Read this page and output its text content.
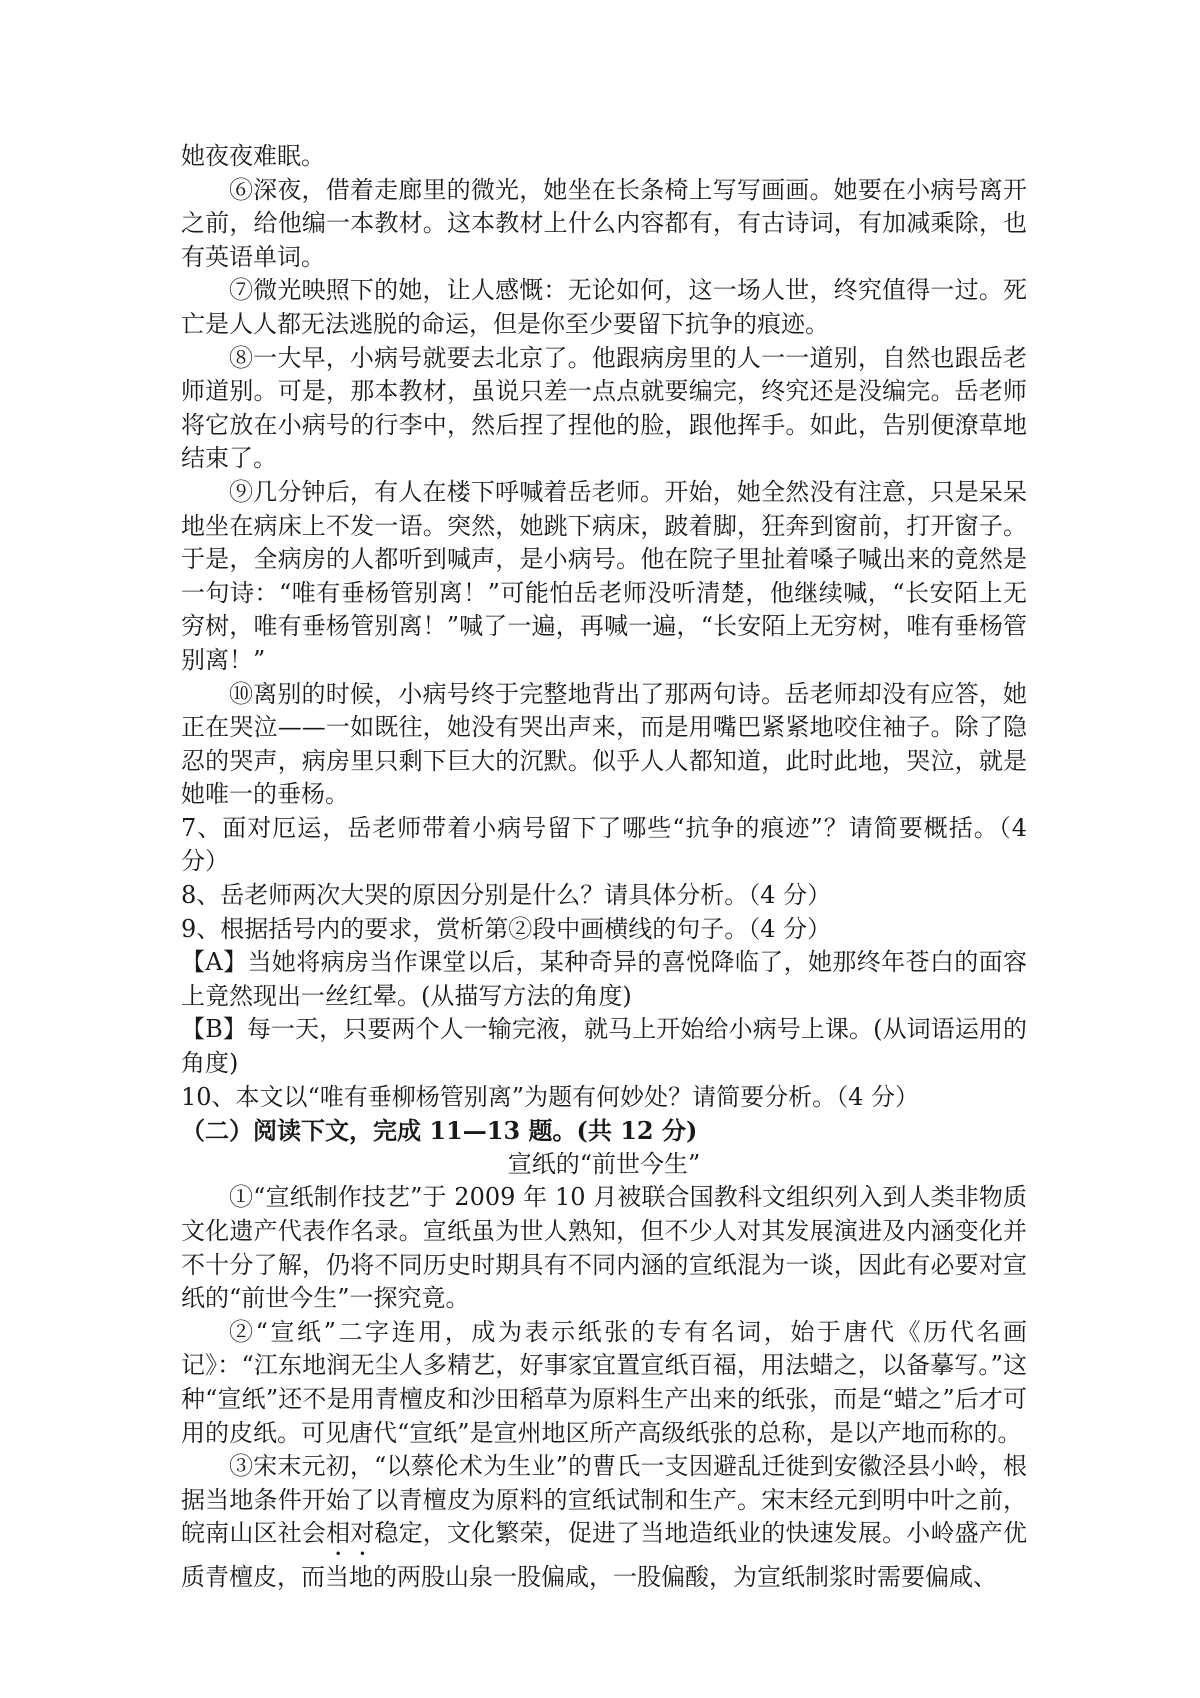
她夜夜难眠。

⑥深夜，借着走廊里的微光，她坐在长条椅上写写画画。她要在小病号离开之前，给他编一本教材。这本教材上什么内容都有，有古诗词，有加减乘除，也有英语单词。

⑦微光映照下的她，让人感慨：无论如何，这一场人世，终究值得一过。死亡是人人都无法逃脱的命运，但是你至少要留下抗争的痕迹。

⑧一大早，小病号就要去北京了。他跟病房里的人一一道别，自然也跟岳老师道别。可是，那本教材，虽说只差一点点就要编完，终究还是没编完。岳老师将它放在小病号的行李中，然后捏了捏他的脸，跟他挥手。如此，告别便潦草地结束了。

⑨几分钟后，有人在楼下呼喊着岳老师。开始，她全然没有注意，只是呆呆地坐在病床上不发一语。突然，她跳下病床，跛着脚，狂奔到窗前，打开窗子。于是，全病房的人都听到喊声，是小病号。他在院子里扯着嗓子喊出来的竟然是一句诗：“唯有垂杨管别离！”可能怕岳老师没听清楚，他继续喊，“长安陌上无穷树，唯有垂杨管别离！”喊了一遍，再喊一遍，“长安陌上无穷树，唯有垂杨管别离！”

⑩离别的时候，小病号终于完整地背出了那两句诗。岳老师却没有应答，她正在哭泣——一如既往，她没有哭出声来，而是用嘴巴紧紧地咬住袖子。除了隐忍的哭声，病房里只剩下巨大的沉默。似乎人人都知道，此时此地，哭泣，就是她唯一的垂杨。

7、面对厄运，岳老师带着小病号留下了哪些“抗争的痕迹”？请简要概括。（4分）

8、岳老师两次大哭的原因分别是什么？请具体分析。（4 分）

9、根据括号内的要求，赏析第②段中画横线的句子。（4 分）

【A】当她将病房当作课堂以后，某种奇异的喜悦降临了，她那终年苍白的面容上竟然现出一丝红晕。(从描写方法的角度)

【B】每一天，只要两个人一输完液，就马上开始给小病号上课。(从词语运用的角度)

10、本文以“唯有垂柳杨管别离”为题有何妙处？请简要分析。（4 分）

（二）阅读下文，完成 11—13 题。(共 12 分)

宣纸的“前世今生”

①“宣纸制作技艺”于 2009 年 10 月被联合国教科文组织列入到人类非物质文化遗产代表作名录。宣纸虽为世人熟知，但不少人对其发展演进及内涵变化并不十分了解，仍将不同历史时期具有不同内涵的宣纸混为一谈，因此有必要对宣纸的“前世今生”一探究竟。

②“宣纸”二字连用，成为表示纸张的专有名词，始于唐代《历代名画记》：“江东地润无尘人多精艺，好事家宜置宣纸百福，用法蜡之，以备摹写。”这种“宣纸”还不是用青檀皮和沙田稻草为原料生产出来的纸张，而是“蜡之”后才可用的皮纸。可见唐代“宣纸”是宣州地区所产高级纸张的总称，是以产地而称的。

③宋末元初，“以蔡伦术为生业”的曹氏一支因避乱迁徙到安徽泾县小岭，根据当地条件开始了以青檀皮为原料的宣纸试制和生产。宋末经元到明中叶之前，皖南山区社会相对稳定，文化繁荣，促进了当地造纸业的快速发展。小岭盛产优质青檀皮，而当地的两股山泉一股偏咸，一股偏酸，为宣纸制浆时需要偏咸、
